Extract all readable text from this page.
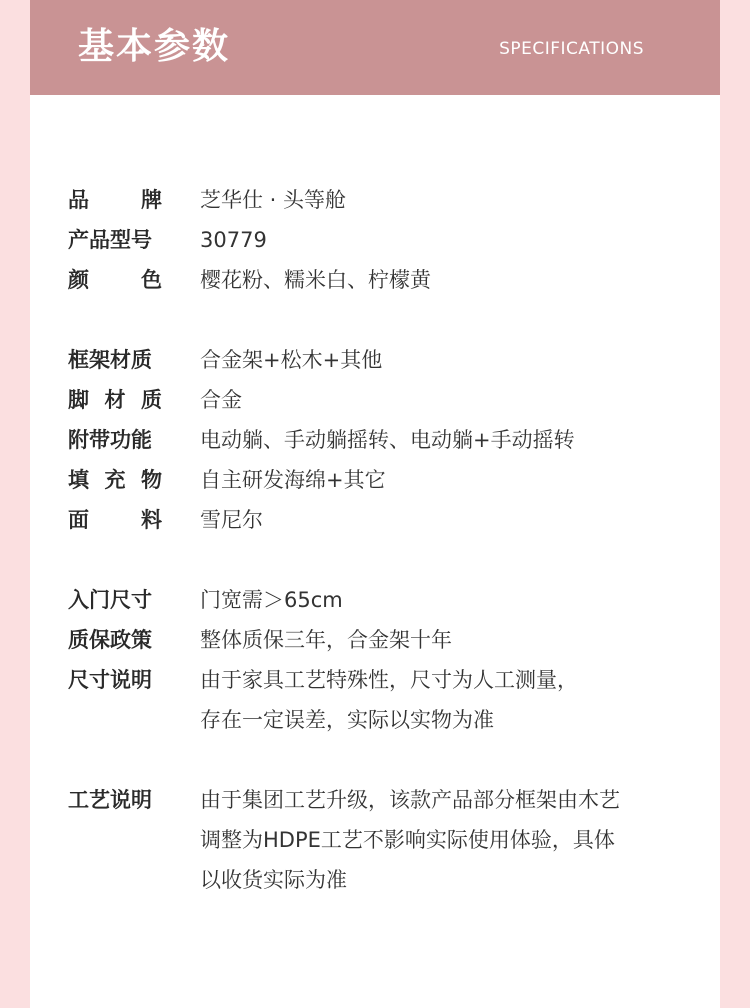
基本参数	SPECIFICATIONS
品 牌 芝华仕 · 头等舱
产品型号 30779
颜 色 樱花粉、糯米白、柠檬黄
框架材质 合金架+松木+其他
脚 材 质 合金
附带功能 电动躺、手动躺摇转、电动躺+手动摇转
填 充 物 自主研发海绵+其它
面 料 雪尼尔
入门尺寸 门宽需＞65cm
质保政策 整体质保三年，合金架十年
尺寸说明 由于家具工艺特殊性，尺寸为人工测量，
存在一定误差，实际以实物为准
工艺说明 由于集团工艺升级，该款产品部分框架由木艺
调整为HDPE工艺不影响实际使用体验，具体
以收货实际为准
